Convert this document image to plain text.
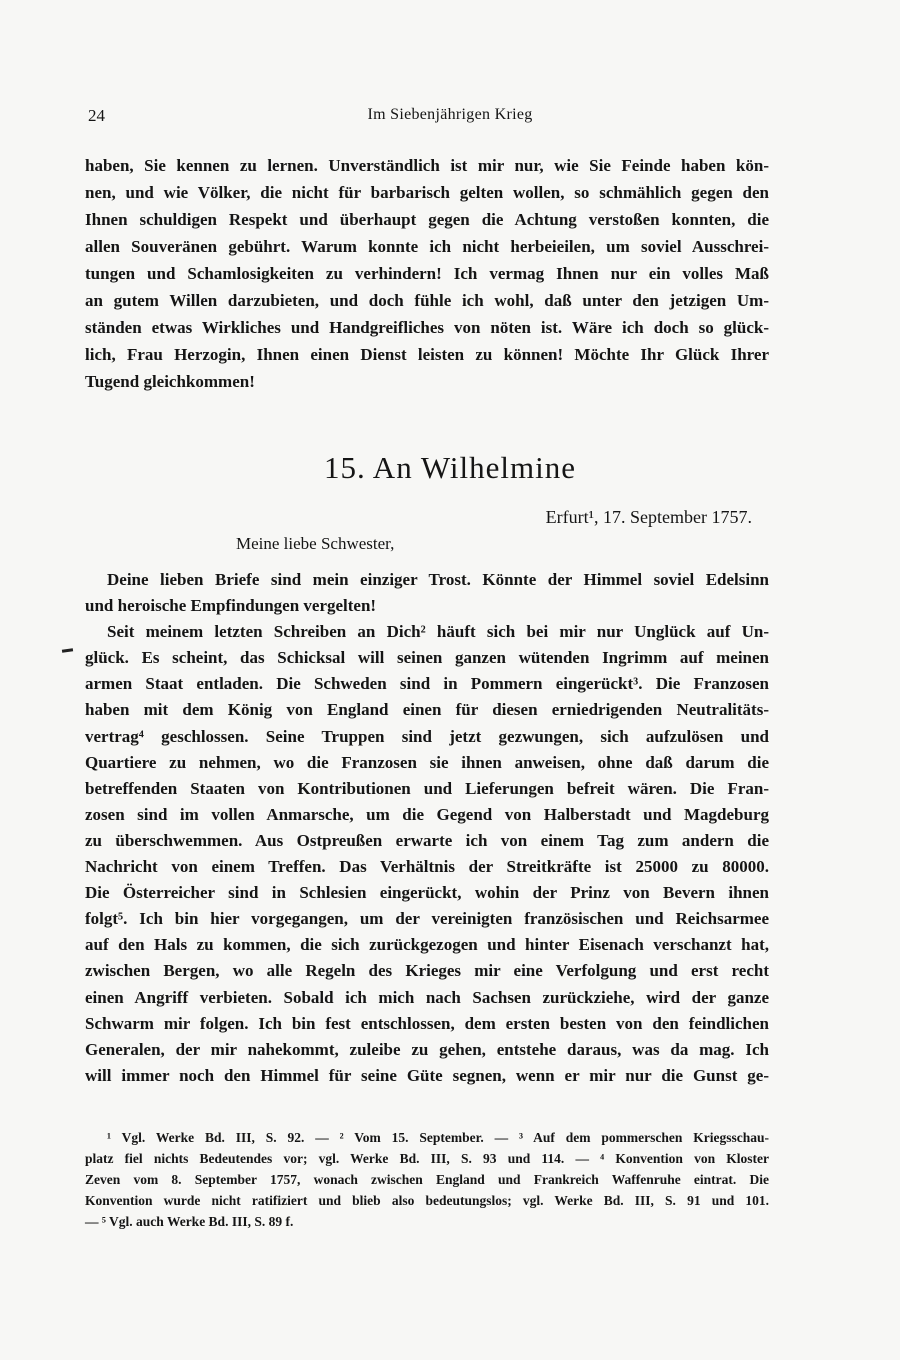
24	Im Siebenjährigen Krieg
haben, Sie kennen zu lernen. Unverständlich ist mir nur, wie Sie Feinde haben kön-
nen, und wie Völker, die nicht für barbarisch gelten wollen, so schmählich gegen den
Ihnen schuldigen Respekt und überhaupt gegen die Achtung verstoßen konnten, die
allen Souveränen gebührt. Warum konnte ich nicht herbeieilen, um soviel Ausschrei-
tungen und Schamlosigkeiten zu verhindern! Ich vermag Ihnen nur ein volles Maß
an gutem Willen darzubieten, und doch fühle ich wohl, daß unter den jetzigen Um-
ständen etwas Wirkliches und Handgreifliches von nöten ist. Wäre ich doch so glück-
lich, Frau Herzogin, Ihnen einen Dienst leisten zu können! Möchte Ihr Glück Ihrer
Tugend gleichkommen!
15. An Wilhelmine
Erfurt¹, 17. September 1757.
Meine liebe Schwester,
Deine lieben Briefe sind mein einziger Trost. Könnte der Himmel soviel Edelsinn
und heroische Empfindungen vergelten!
Seit meinem letzten Schreiben an Dich² häuft sich bei mir nur Unglück auf Un-
glück. Es scheint, das Schicksal will seinen ganzen wütenden Ingrimm auf meinen
armen Staat entladen. Die Schweden sind in Pommern eingerückt³. Die Franzosen
haben mit dem König von England einen für diesen erniedrigenden Neutralitäts-
vertrag⁴ geschlossen. Seine Truppen sind jetzt gezwungen, sich aufzulösen und
Quartiere zu nehmen, wo die Franzosen sie ihnen anweisen, ohne daß darum die
betreffenden Staaten von Kontributionen und Lieferungen befreit wären. Die Fran-
zosen sind im vollen Anmarsche, um die Gegend von Halberstadt und Magdeburg
zu überschwemmen. Aus Ostpreußen erwarte ich von einem Tag zum andern die
Nachricht von einem Treffen. Das Verhältnis der Streitkräfte ist 25000 zu 80000.
Die Österreicher sind in Schlesien eingerückt, wohin der Prinz von Bevern ihnen
folgt⁵. Ich bin hier vorgegangen, um der vereinigten französischen und Reichsarmee
auf den Hals zu kommen, die sich zurückgezogen und hinter Eisenach verschanzt hat,
zwischen Bergen, wo alle Regeln des Krieges mir eine Verfolgung und erst recht
einen Angriff verbieten. Sobald ich mich nach Sachsen zurückziehe, wird der ganze
Schwarm mir folgen. Ich bin fest entschlossen, dem ersten besten von den feindlichen
Generalen, der mir nahekommt, zuleibe zu gehen, entstehe daraus, was da mag. Ich
will immer noch den Himmel für seine Güte segnen, wenn er mir nur die Gunst ge-
¹ Vgl. Werke Bd. III, S. 92. — ² Vom 15. September. — ³ Auf dem pommerschen Kriegsschau-
platz fiel nichts Bedeutendes vor; vgl. Werke Bd. III, S. 93 und 114. — ⁴ Konvention von Kloster
Zeven vom 8. September 1757, wonach zwischen England und Frankreich Waffenruhe eintrat. Die
Konvention wurde nicht ratifiziert und blieb also bedeutungslos; vgl. Werke Bd. III, S. 91 und 101.
— ⁵ Vgl. auch Werke Bd. III, S. 89 f.
